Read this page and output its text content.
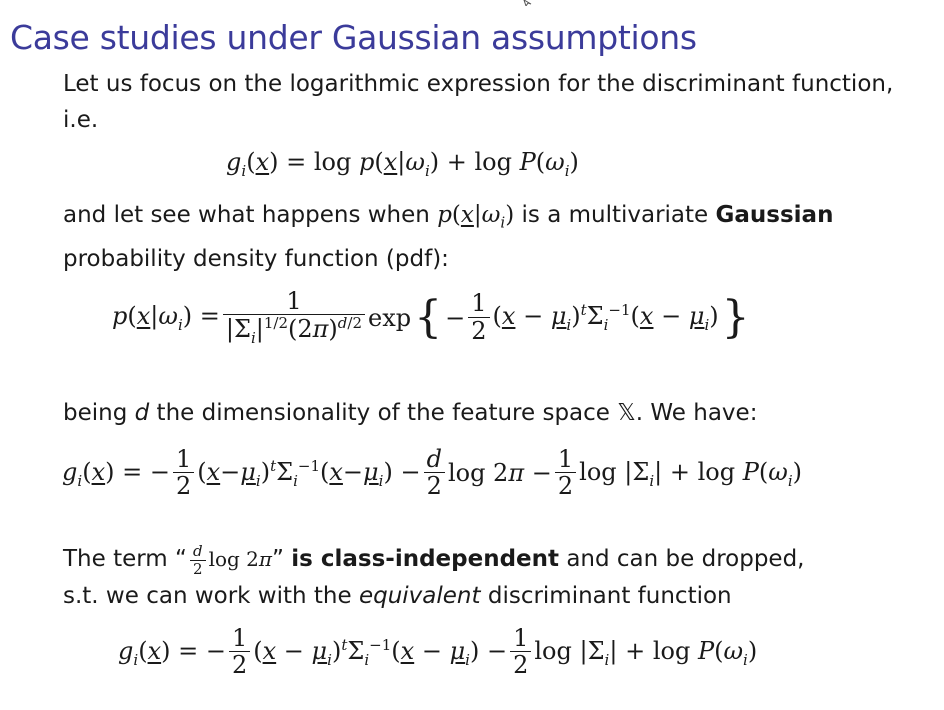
Case studies under Gaussian assumptions
Let us focus on the logarithmic expression for the discriminant function, i.e.
$g_i(x) = \log p(x|\omega_i) + \log P(\omega_i)$
and let see what happens when $p(x|\omega_i)$ is a multivariate Gaussian probability density function (pdf):
$p(x|\omega_i) = \frac{1}{|\Sigma_i|^{1/2}(2\pi)^{d/2}}$ exp { − $\frac{1}{2} (x - \mu_i)^t\Sigma_i^{-1}(x - \mu_i)$ }
being d the dimensionality of the feature space 𝕏. We have:
$g_i(x)$ = − $\frac{1}{2} (x-\mu_i)^t\Sigma_i^{-1}(x-\mu_i) - \frac{d}{2}$ $\log 2\pi - \frac{1}{2}$ $\log |\Sigma_i| + \log P(\omega_i)$
The term “ $\frac{d}{2}$ log 2π” is class-independent and can be dropped,
s.t. we can work with the equivalent discriminant function
$g_i(x)$ = − $\frac{1}{2} (x - \mu_i)^t\Sigma_i^{-1}(x - \mu_i) - \frac{1}{2}$ $\log |\Sigma_i| + \log P(\omega_i)$
